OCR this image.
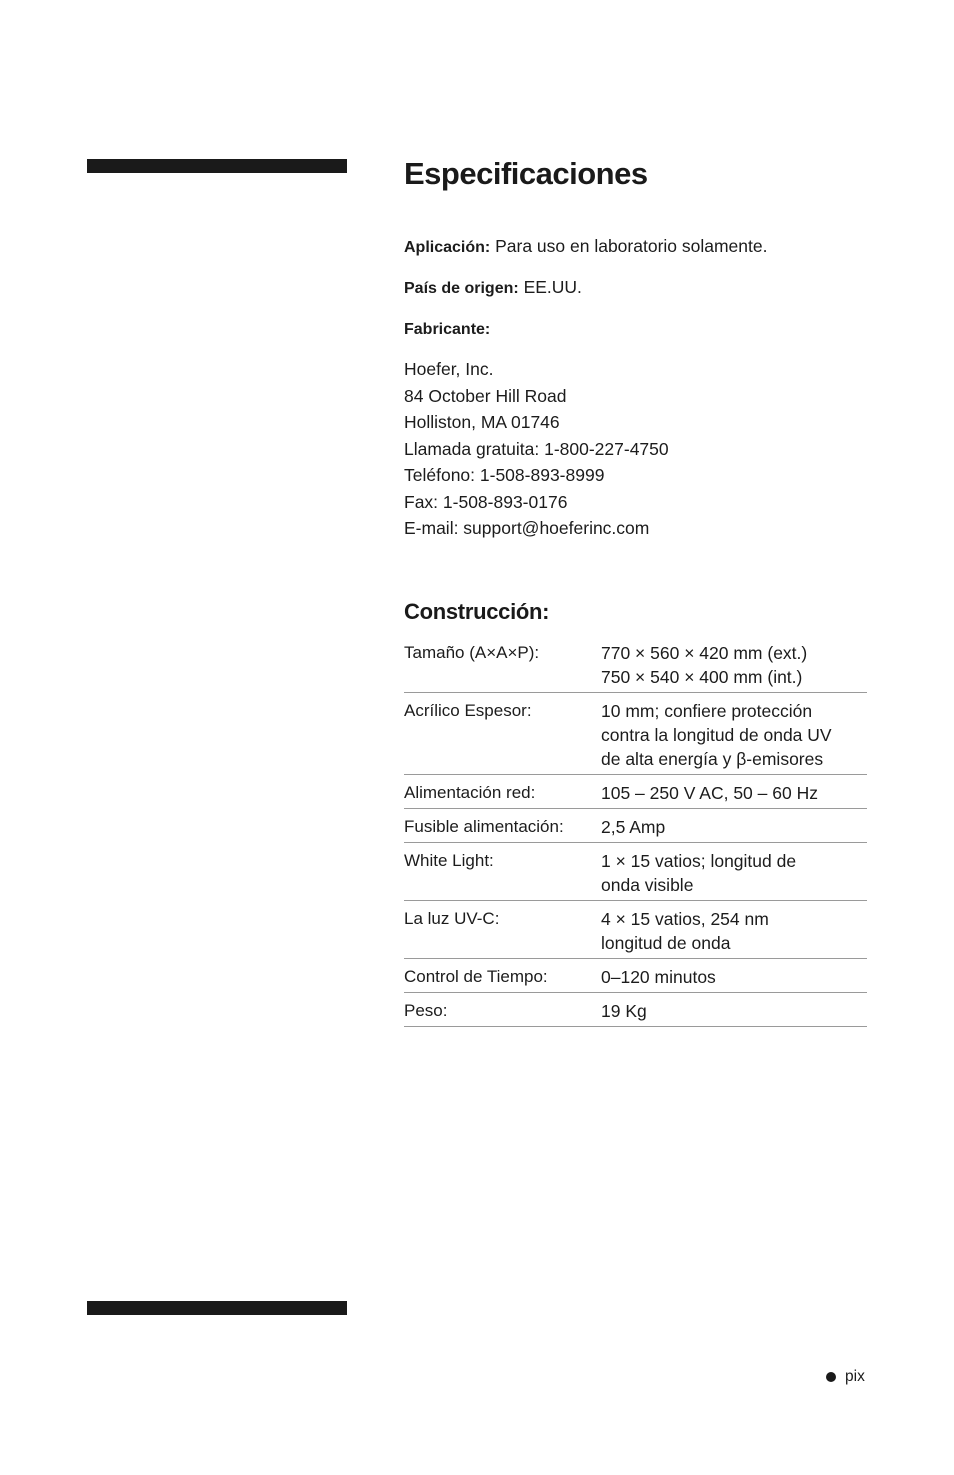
Especificaciones

Aplicación: Para uso en laboratorio solamente.

País de origen: EE.UU.

Fabricante:

Hoefer, Inc.
84 October Hill Road
Holliston, MA 01746
Llamada gratuita: 1-800-227-4750
Teléfono: 1-508-893-8999
Fax: 1-508-893-0176
E-mail: support@hoeferinc.com
Construcción:
Tamaño (A×A×P):	770 × 560 × 420 mm (ext.)
750 × 540 × 400 mm (int.)
Acrílico Espesor:	10 mm; confiere protección
contra la longitud de onda UV
de alta energía y β-emisores
Alimentación red:	105 – 250 V AC, 50 – 60 Hz
Fusible alimentación:	2,5 Amp
White Light:	1 × 15 vatios; longitud de
onda visible
La luz UV-C:	4 × 15 vatios, 254 nm
longitud de onda
Control de Tiempo:	0–120 minutos
Peso:	19 Kg
pix
